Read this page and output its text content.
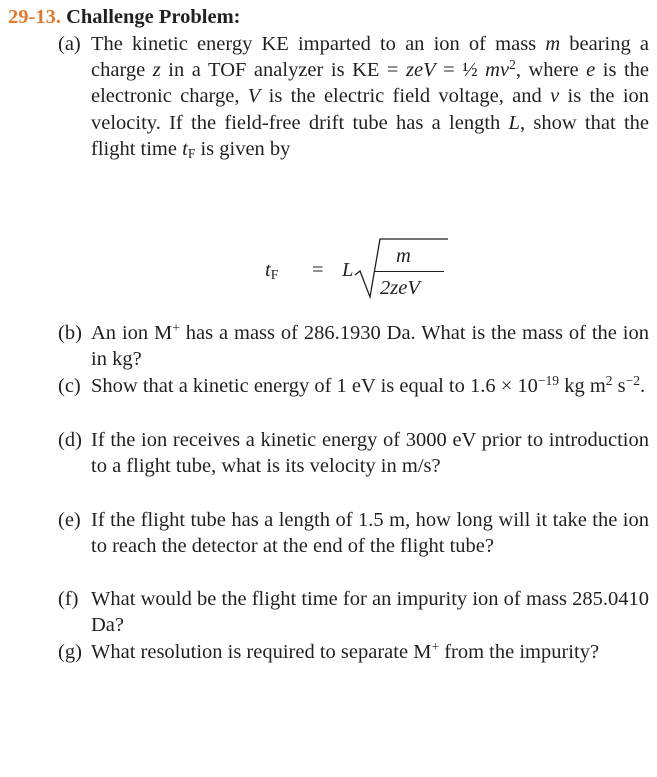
29-13. Challenge Problem:
(a) The kinetic energy KE imparted to an ion of mass m bearing a charge z in a TOF analyzer is KE = zeV = ½ $mv^2$, where e is the electronic charge, V is the electric field voltage, and v is the ion velocity. If the field-free drift tube has a length L, show that the flight time $t_F$ is given by
$t_F = L$
m
2zeV
(b) An ion M+ has a mass of 286.1930 Da. What is the mass of the ion in kg?
(c) Show that a kinetic energy of 1 eV is equal to $1.6 \times 10^{-19}$ kg $m^2$ $s^{-2}$.
(d) If the ion receives a kinetic energy of 3000 eV prior to introduction to a flight tube, what is its velocity in m/s?
(e) If the flight tube has a length of 1.5 m, how long will it take the ion to reach the detector at the end of the flight tube?
(f) What would be the flight time for an impurity ion of mass 285.0410 Da?
(g) What resolution is required to separate M+ from the impurity?
